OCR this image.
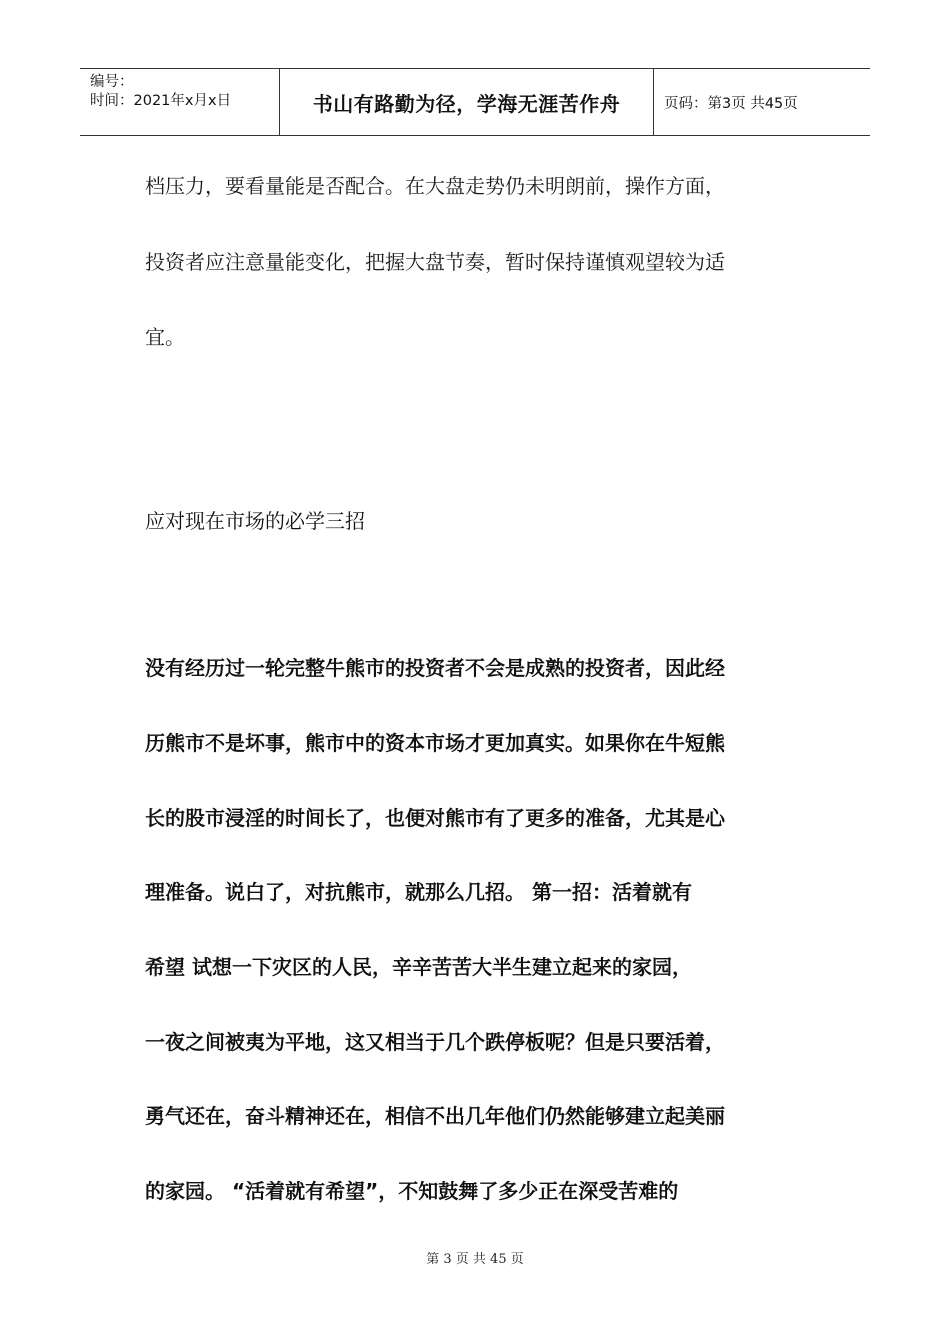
编号：
时间：2021年x月x日	书山有路勤为径，学海无涯苦作舟	页码：第3页 共45页
档压力，要看量能是否配合。在大盘走势仍未明朗前，操作方面，
投资者应注意量能变化，把握大盘节奏，暂时保持谨慎观望较为适
宜。
应对现在市场的必学三招
没有经历过一轮完整牛熊市的投资者不会是成熟的投资者，因此经
历熊市不是坏事，熊市中的资本市场才更加真实。如果你在牛短熊
长的股市浸淫的时间长了，也便对熊市有了更多的准备，尤其是心
理准备。说白了，对抗熊市，就那么几招。 第一招：活着就有
希望 试想一下灾区的人民，辛辛苦苦大半生建立起来的家园，
一夜之间被夷为平地，这又相当于几个跌停板呢？但是只要活着，
勇气还在，奋斗精神还在，相信不出几年他们仍然能够建立起美丽
的家园。 “活着就有希望”，不知鼓舞了多少正在深受苦难的
第 3 页 共 45 页
